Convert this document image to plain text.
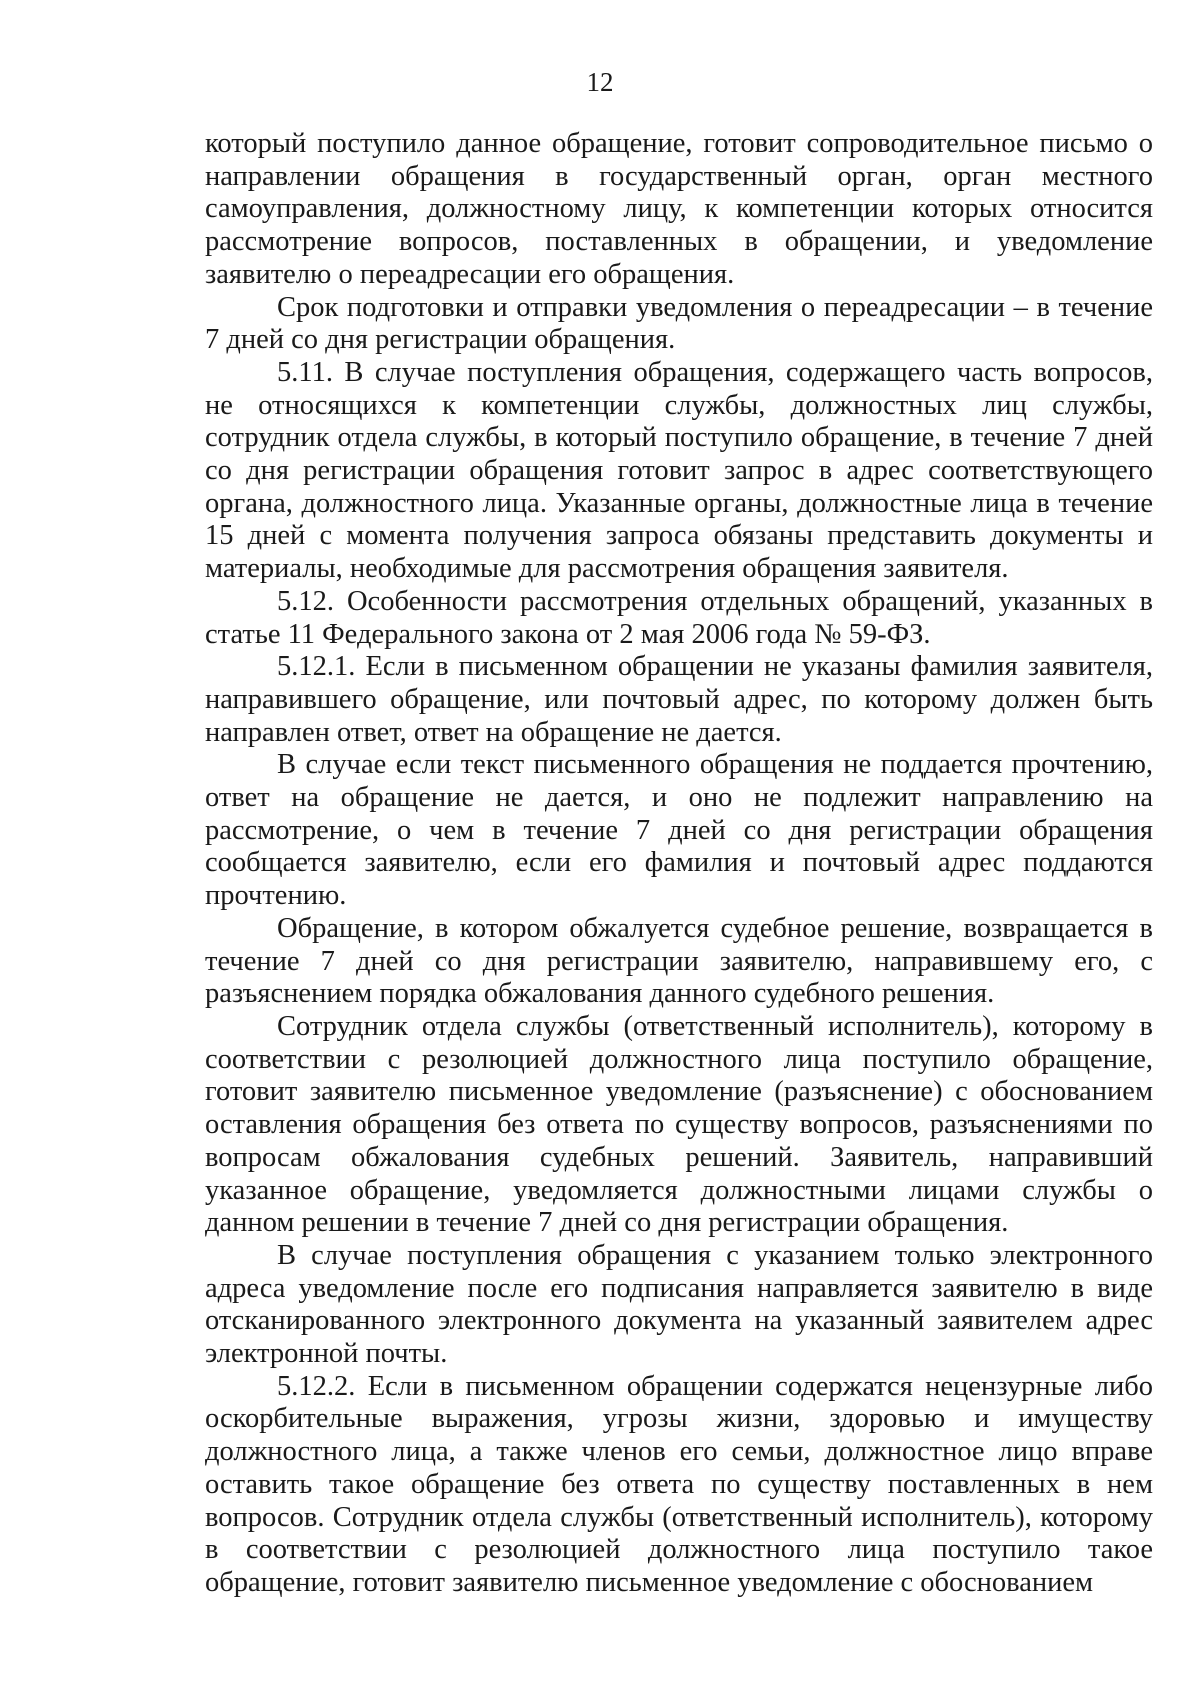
12

который поступило данное обращение, готовит сопроводительное письмо о направлении обращения в государственный орган, орган местного самоуправления, должностному лицу, к компетенции которых относится рассмотрение вопросов, поставленных в обращении, и уведомление заявителю о переадресации его обращения.

Срок подготовки и отправки уведомления о переадресации – в течение 7 дней со дня регистрации обращения.

5.11. В случае поступления обращения, содержащего часть вопросов, не относящихся к компетенции службы, должностных лиц службы, сотрудник отдела службы, в который поступило обращение, в течение 7 дней со дня регистрации обращения готовит запрос в адрес соответствующего органа, должностного лица. Указанные органы, должностные лица в течение 15 дней с момента получения запроса обязаны представить документы и материалы, необходимые для рассмотрения обращения заявителя.

5.12. Особенности рассмотрения отдельных обращений, указанных в статье 11 Федерального закона от 2 мая 2006 года № 59-ФЗ.

5.12.1. Если в письменном обращении не указаны фамилия заявителя, направившего обращение, или почтовый адрес, по которому должен быть направлен ответ, ответ на обращение не дается.

В случае если текст письменного обращения не поддается прочтению, ответ на обращение не дается, и оно не подлежит направлению на рассмотрение, о чем в течение 7 дней со дня регистрации обращения сообщается заявителю, если его фамилия и почтовый адрес поддаются прочтению.

Обращение, в котором обжалуется судебное решение, возвращается в течение 7 дней со дня регистрации заявителю, направившему его, с разъяснением порядка обжалования данного судебного решения.

Сотрудник отдела службы (ответственный исполнитель), которому в соответствии с резолюцией должностного лица поступило обращение, готовит заявителю письменное уведомление (разъяснение) с обоснованием оставления обращения без ответа по существу вопросов, разъяснениями по вопросам обжалования судебных решений. Заявитель, направивший указанное обращение, уведомляется должностными лицами службы о данном решении в течение 7 дней со дня регистрации обращения.

В случае поступления обращения с указанием только электронного адреса уведомление после его подписания направляется заявителю в виде отсканированного электронного документа на указанный заявителем адрес электронной почты.

5.12.2. Если в письменном обращении содержатся нецензурные либо оскорбительные выражения, угрозы жизни, здоровью и имуществу должностного лица, а также членов его семьи, должностное лицо вправе оставить такое обращение без ответа по существу поставленных в нем вопросов. Сотрудник отдела службы (ответственный исполнитель), которому в соответствии с резолюцией должностного лица поступило такое обращение, готовит заявителю письменное уведомление с обоснованием
